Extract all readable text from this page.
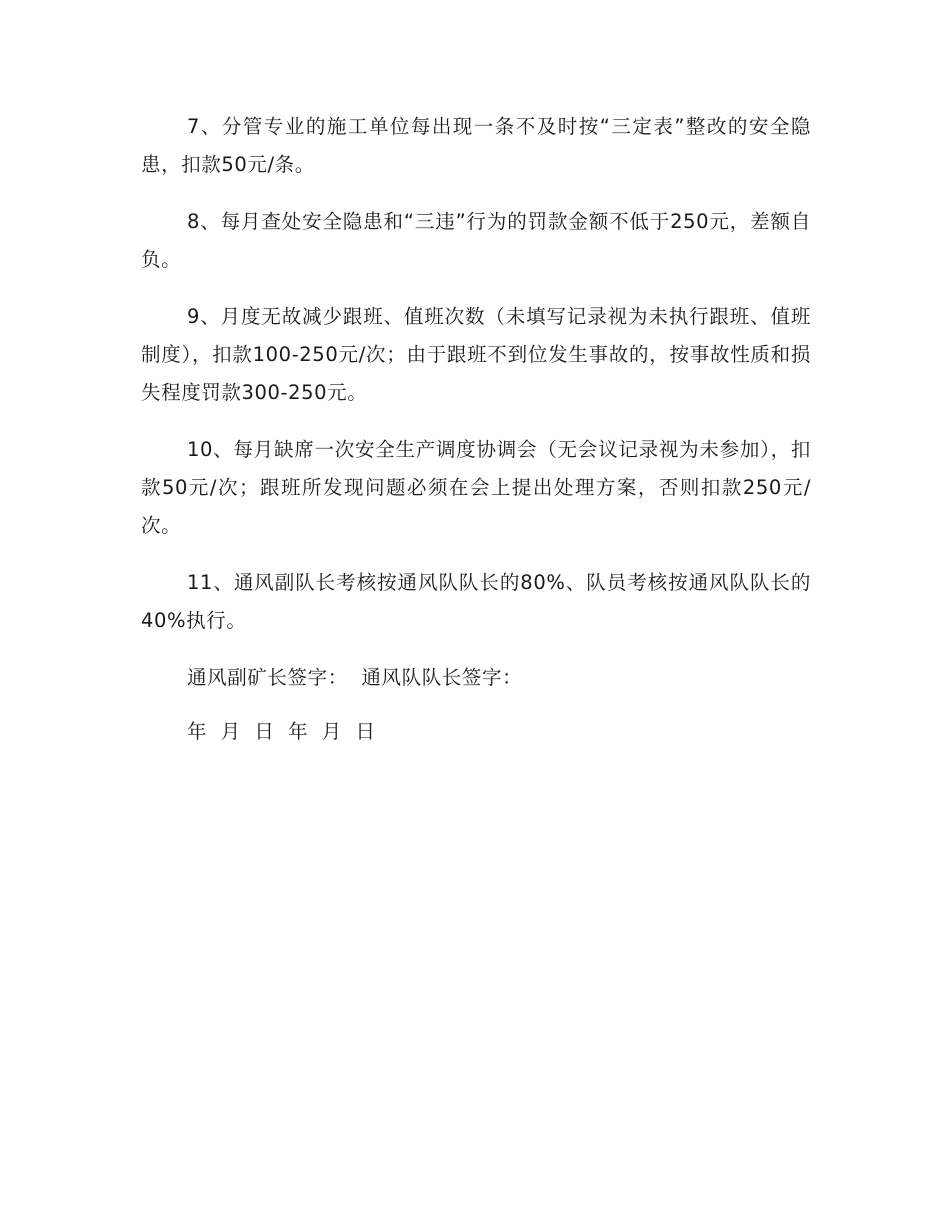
7、分管专业的施工单位每出现一条不及时按“三定表”整改的安全隐患，扣款50元/条。

8、每月查处安全隐患和“三违”行为的罚款金额不低于250元，差额自负。

9、月度无故减少跟班、值班次数（未填写记录视为未执行跟班、值班制度），扣款100-250元/次；由于跟班不到位发生事故的，按事故性质和损失程度罚款300-250元。

10、每月缺席一次安全生产调度协调会（无会议记录视为未参加），扣款50元/次；跟班所发现问题必须在会上提出处理方案，否则扣款250元/次。

11、通风副队长考核按通风队队长的80%、队员考核按通风队队长的40%执行。

通风副矿长签字：  通风队队长签字：

年  月  日  年  月  日
